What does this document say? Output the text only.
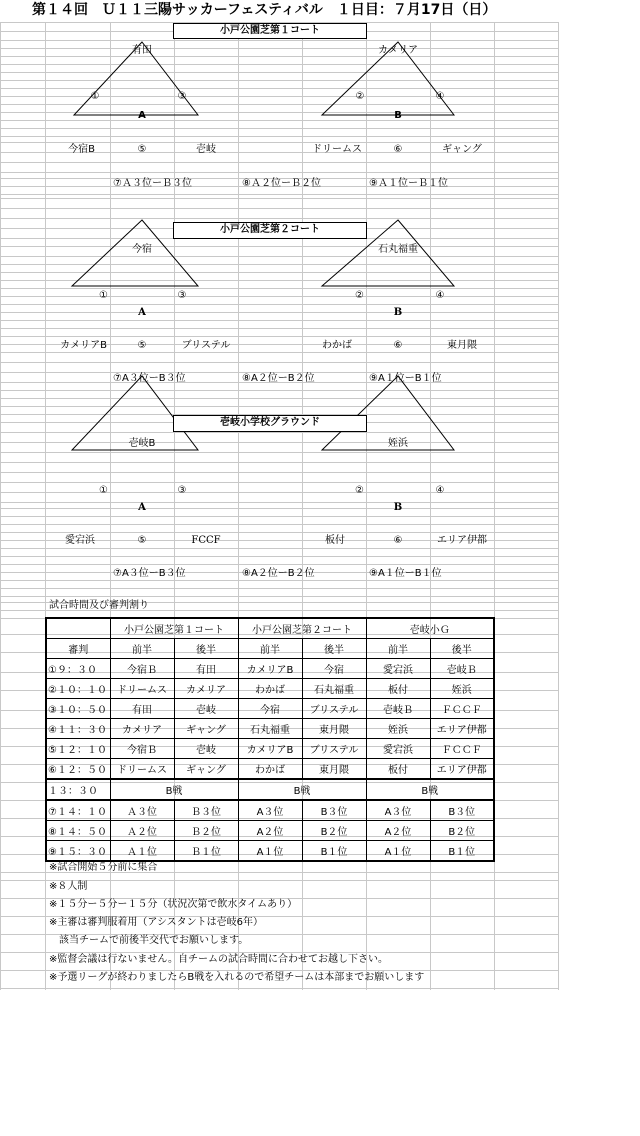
第１４回　Ｕ１１三陽サッカーフェスティバル　１日目：７月17日（日）
小戸公園芝第１コート
有田	カメリア
①	③	②	④
A	B
今宿B	⑤	壱岐	ドリームス	⑥	ギャング
⑦Ａ３位ーＢ３位	⑧Ａ２位ーＢ２位	⑨Ａ１位ーＢ１位
小戸公園芝第２コート
今宿	石丸福重
①	③	②	④
A	B
カメリアB	⑤	ブリステル	わかば	⑥	東月隈
⑦A３位ーB３位	⑧A２位ーB２位	⑨A１位ーB１位
壱岐小学校グラウンド
壱岐B	姪浜
①	③	②	④
A	B
愛宕浜	⑤	FCCF	板付	⑥	エリア伊都
⑦A３位ーB３位	⑧A２位ーB２位	⑨A１位ーB１位
試合時間及び審判割り
	小戸公園芝第１コート		小戸公園芝第２コート		壱岐小Ｇ	
審判	前半	後半	前半	後半	前半	後半
①９：３０	今宿Ｂ	有田	カメリアB	今宿	愛宕浜	壱岐Ｂ
②１０：１０	ドリームス	カメリア	わかば	石丸福重	板付	姪浜
③１０：５０	有田	壱岐	今宿	ブリステル	壱岐Ｂ	ＦＣＣＦ
④１１：３０	カメリア	ギャング	石丸福重	東月隈	姪浜	エリア伊都
⑤１２：１０	今宿Ｂ	壱岐	カメリアB	ブリステル	愛宕浜	ＦＣＣＦ
⑥１２：５０	ドリームス	ギャング	わかば	東月隈	板付	エリア伊都
１３：３０	B戦		B戦		B戦	
⑦１４：１０	Ａ３位	Ｂ３位	A３位	B３位	A３位	B３位
⑧１４：５０	Ａ２位	Ｂ２位	A２位	B２位	A２位	B２位
⑨１５：３０	Ａ１位	Ｂ１位	A１位	B１位	A１位	B１位
※試合開始５分前に集合
※８人制
※１５分ー５分ー１５分（状況次第で飲水タイムあり）
※主審は審判服着用（アシスタントは壱岐6年）
　該当チームで前後半交代でお願いします。
※監督会議は行ないません。自チームの試合時間に合わせてお越し下さい。
※予選リーグが終わりましたらB戦を入れるので希望チームは本部までお願いします
